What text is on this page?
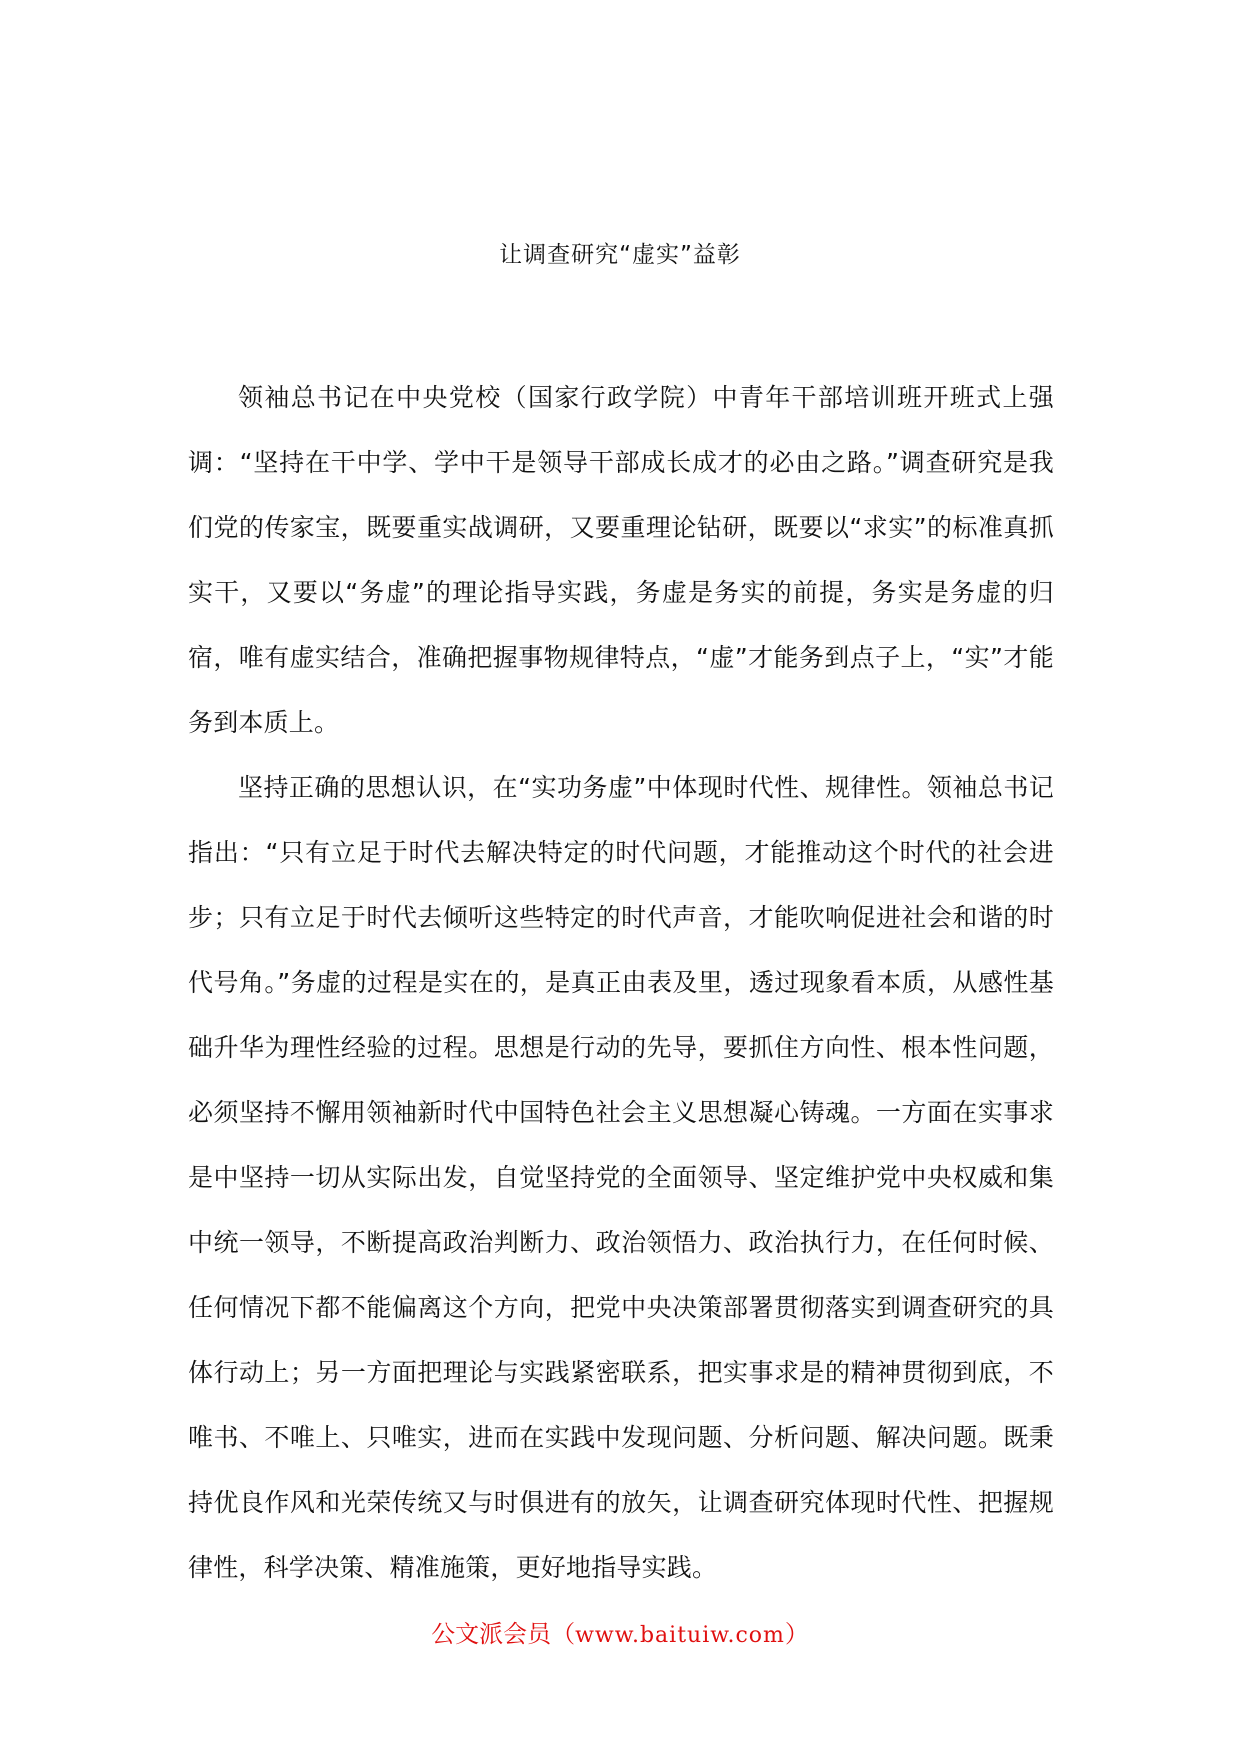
让调查研究“虚实”益彰

领袖总书记在中央党校（国家行政学院）中青年干部培训班开班式上强调：“坚持在干中学、学中干是领导干部成长成才的必由之路。”调查研究是我们党的传家宝，既要重实战调研，又要重理论钻研，既要以“求实”的标准真抓实干，又要以“务虚”的理论指导实践，务虚是务实的前提，务实是务虚的归宿，唯有虚实结合，准确把握事物规律特点，“虚”才能务到点子上，“实”才能务到本质上。

坚持正确的思想认识，在“实功务虚”中体现时代性、规律性。领袖总书记指出：“只有立足于时代去解决特定的时代问题，才能推动这个时代的社会进步；只有立足于时代去倾听这些特定的时代声音，才能吹响促进社会和谐的时代号角。”务虚的过程是实在的，是真正由表及里，透过现象看本质，从感性基础升华为理性经验的过程。思想是行动的先导，要抓住方向性、根本性问题，必须坚持不懈用领袖新时代中国特色社会主义思想凝心铸魂。一方面在实事求是中坚持一切从实际出发，自觉坚持党的全面领导、坚定维护党中央权威和集中统一领导，不断提高政治判断力、政治领悟力、政治执行力，在任何时候、任何情况下都不能偏离这个方向，把党中央决策部署贯彻落实到调查研究的具体行动上；另一方面把理论与实践紧密联系，把实事求是的精神贯彻到底，不唯书、不唯上、只唯实，进而在实践中发现问题、分析问题、解决问题。既秉持优良作风和光荣传统又与时俱进有的放矢，让调查研究体现时代性、把握规律性，科学决策、精准施策，更好地指导实践。

公文派会员（www.baituiw.com）
